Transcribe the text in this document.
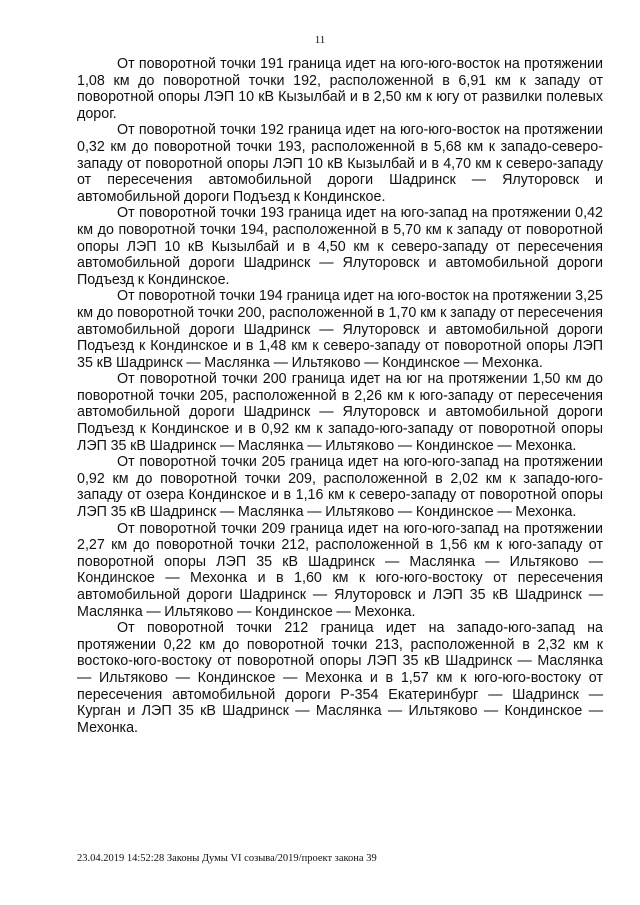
11

От поворотной точки 191 граница идет на юго-юго-восток на протяжении 1,08 км до поворотной точки 192, расположенной в 6,91 км к западу от поворотной опоры ЛЭП 10 кВ Кызылбай и в 2,50 км к югу от развилки полевых дорог.

От поворотной точки 192 граница идет на юго-юго-восток на протяжении 0,32 км до поворотной точки 193, расположенной в 5,68 км к западо-северо-западу от поворотной опоры ЛЭП 10 кВ Кызылбай и в 4,70 км к северо-западу от пересечения автомобильной дороги Шадринск — Ялуторовск и автомобильной дороги Подъезд к Кондинское.

От поворотной точки 193 граница идет на юго-запад на протяжении 0,42 км до поворотной точки 194, расположенной в 5,70 км к западу от поворотной опоры ЛЭП 10 кВ Кызылбай и в 4,50 км к северо-западу от пересечения автомобильной дороги Шадринск — Ялуторовск и автомобильной дороги Подъезд к Кондинское.

От поворотной точки 194 граница идет на юго-восток на протяжении 3,25 км до поворотной точки 200, расположенной в 1,70 км к западу от пересечения автомобильной дороги Шадринск — Ялуторовск и автомобильной дороги Подъезд к Кондинское и в 1,48 км к северо-западу от поворотной опоры ЛЭП 35 кВ Шадринск — Маслянка — Ильтяково — Кондинское — Мехонка.

От поворотной точки 200 граница идет на юг на протяжении 1,50 км до поворотной точки 205, расположенной в 2,26 км к юго-западу от пересечения автомобильной дороги Шадринск — Ялуторовск и автомобильной дороги Подъезд к Кондинское и в 0,92 км к западо-юго-западу от поворотной опоры ЛЭП 35 кВ Шадринск — Маслянка — Ильтяково — Кондинское — Мехонка.

От поворотной точки 205 граница идет на юго-юго-запад на протяжении 0,92 км до поворотной точки 209, расположенной в 2,02 км к западо-юго-западу от озера Кондинское и в 1,16 км к северо-западу от поворотной опоры ЛЭП 35 кВ Шадринск — Маслянка — Ильтяково — Кондинское — Мехонка.

От поворотной точки 209 граница идет на юго-юго-запад на протяжении 2,27 км до поворотной точки 212, расположенной в 1,56 км к юго-западу от поворотной опоры ЛЭП 35 кВ Шадринск — Маслянка — Ильтяково — Кондинское — Мехонка и в 1,60 км к юго-юго-востоку от пересечения автомобильной дороги Шадринск — Ялуторовск и ЛЭП 35 кВ Шадринск — Маслянка — Ильтяково — Кондинское — Мехонка.

От поворотной точки 212 граница идет на западо-юго-запад на протяжении 0,22 км до поворотной точки 213, расположенной в 2,32 км к востоко-юго-востоку от поворотной опоры ЛЭП 35 кВ Шадринск — Маслянка — Ильтяково — Кондинское — Мехонка и в 1,57 км к юго-юго-востоку от пересечения автомобильной дороги Р-354 Екатеринбург — Шадринск — Курган и ЛЭП 35 кВ Шадринск — Маслянка — Ильтяково — Кондинское — Мехонка.

23.04.2019 14:52:28 Законы Думы VI созыва/2019/проект закона 39
